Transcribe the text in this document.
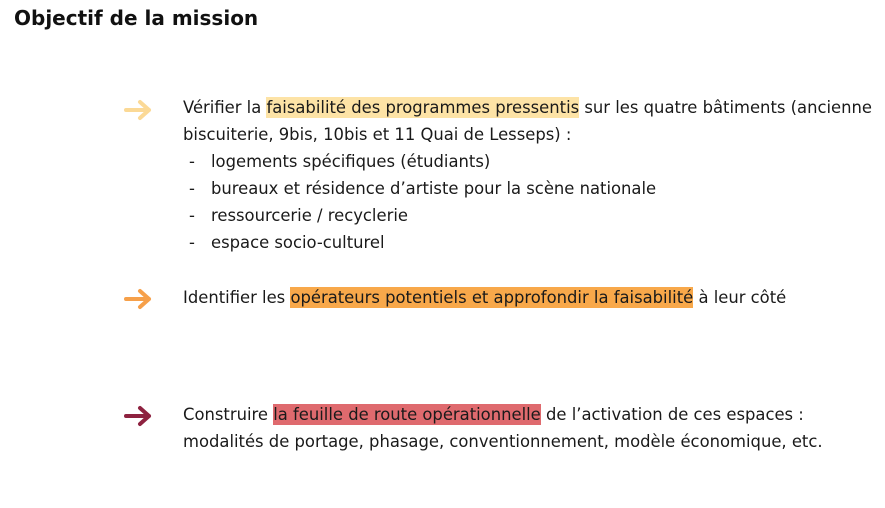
Objectif de la mission
Vérifier la faisabilité des programmes pressentis sur les quatre bâtiments (ancienne biscuiterie, 9bis, 10bis et 11 Quai de Lesseps) :
- logements spécifiques (étudiants)
- bureaux et résidence d’artiste pour la scène nationale
- ressourcerie / recyclerie
- espace socio-culturel
Identifier les opérateurs potentiels et approfondir la faisabilité à leur côté
Construire la feuille de route opérationnelle de l’activation de ces espaces : modalités de portage, phasage, conventionnement, modèle économique, etc.
